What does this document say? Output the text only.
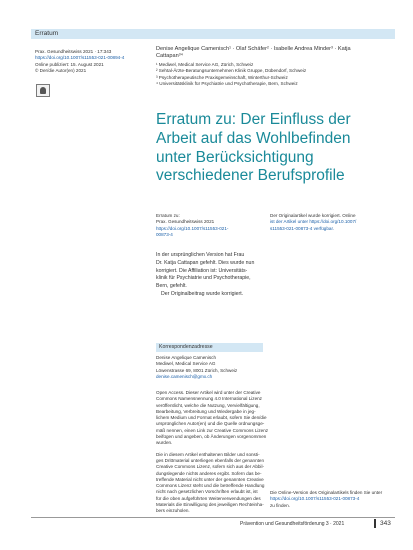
Erratum
Prax. Gesundheitswiss 2021 · 17:343
https://doi.org/10.1007/s11553-021-00894-4
Online publiziert: 15. August 2021
© Der/die Autor(en) 2021
Denise Angelique Camenisch¹ · Olaf Schäfer² · Isabelle Andrea Minder³ · Katja Cattapan³⁴
¹ Mediwel, Medical Service AG, Zürich, Schweiz
² Sehtal-Ärzte-Beratungsunternehmen Klinik Gruppe, Dübendorf, Schweiz
³ Psychotherapeutische Praxisgemeinschaft, Winterthur-Schweiz
⁴ Universitätsklinik für Psychiatrie und Psychotherapie, Bern, Schweiz
Erratum zu: Der Einfluss der
Arbeit auf das Wohlbefinden
unter Berücksichtigung
verschiedener Berufsprofile
Erratum zu:
Prax. Gesundheitswiss 2021
https://doi.org/10.1007/s11553-021-
00873-4
Der Originalartikel wurde korrigiert. Online
ist der Artikel unter https://doi.org/10.1007/
s11553-021-00873-4 verfügbar.
In der ursprünglichen Version hat Frau
Dr. Katja Cattapan gefehlt. Dies wurde nun
korrigiert. Die Affiliation ist: Universitäts-
klinik für Psychiatrie und Psychotherapie,
Bern, gefehlt.
Der Originalbeitrag wurde korrigiert.
Korrespondenzadresse
Denise Angelique Camenisch
Mediwel, Medical Service AG
Löwenstrasse 69, 8001 Zürich, Schweiz
denise.camenisch@gmx.ch
Open Access. Dieser Artikel wird unter der Creative
Commons Namensnennung 4.0 International Lizenz
veröffentlicht, welche die Nutzung, Vervielfältigung,
Bearbeitung, Verbreitung und Wiedergabe in jeg-
lichem Medium und Format erlaubt, sofern Sie den/die
ursprünglichen Autor(en) und die Quelle ordnungsge-
mäß nennen, einen Link zur Creative Commons Lizenz
beifügen und angeben, ob Änderungen vorgenommen
wurden.
Die in diesem Artikel enthaltenen Bilder und sonsti-
ges Drittmaterial unterliegen ebenfalls der genannten
Creative Commons Lizenz, sofern sich aus der Abbil-
dungslegende nichts anderes ergibt. Sofern das be-
treffende Material nicht unter der genannten Creative
Commons Lizenz steht und die betreffende Handlung
nicht nach gesetzlichen Vorschriften erlaubt ist, ist
für die oben aufgeführten Weiterverwendungen des
Materials die Einwilligung des jeweiligen Rechteinha-
bers einzuholen.
Die Online-Version des Originalartikels finden Sie unter
https://doi.org/10.1007/s11553-021-00873-4
zu finden.
Prävention und Gesundheitsförderung 3 · 2021	343
